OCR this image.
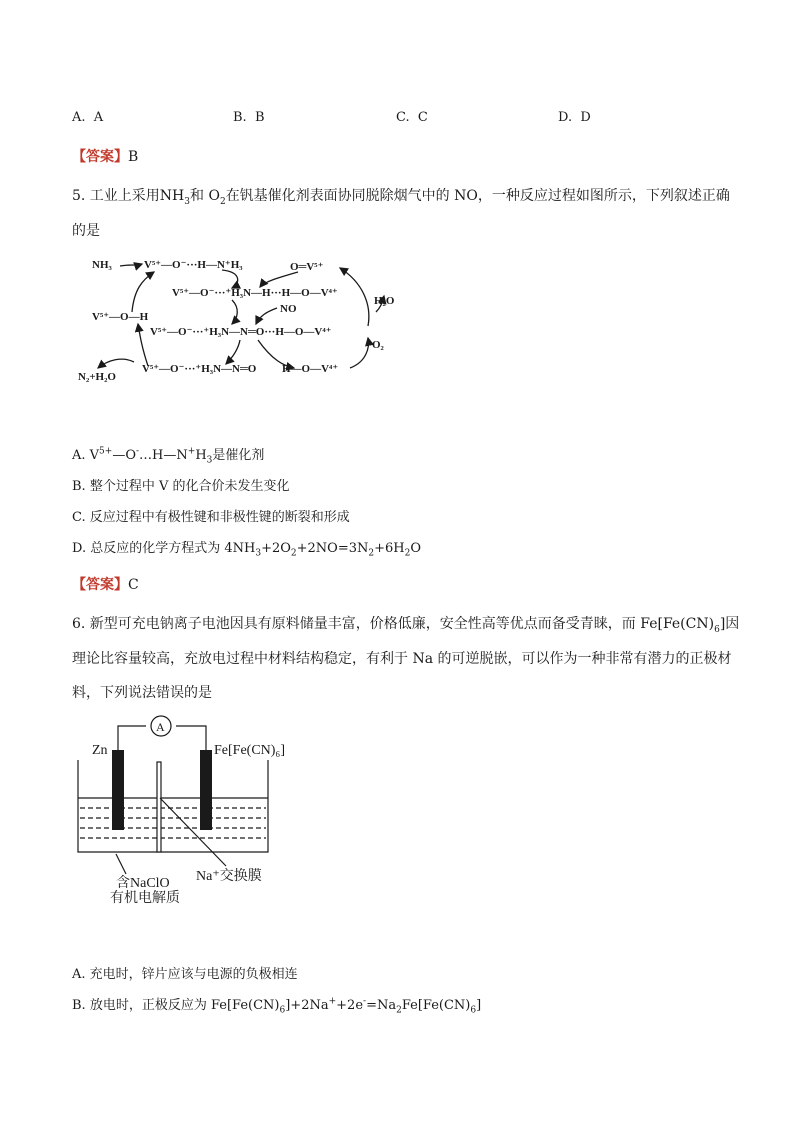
A. A	B. B	C. C	D. D
【答案】B
5. 工业上采用$NH_3$和 $O_2$在钒基催化剂表面协同脱除烟气中的 NO，一种反应过程如图所示，下列叙述正确
的是
NH₃	V⁵⁺—O⁻···H—N⁺H₃	O═V⁵⁺
V⁵⁺—O⁻···⁺H₃N—H···H—O—V⁴⁺
NO
H₂O
V⁵⁺—O—H
V⁵⁺—O⁻···⁺H₃N—N═O···H—O—V⁴⁺
O₂
V⁵⁺—O⁻···⁺H₃N—N═O H—O—V⁴⁺
N₂+H₂O
A. $V^{5+}—O^-\dots H—N^+H_3$是催化剂
B. 整个过程中 V 的化合价未发生变化
C. 反应过程中有极性键和非极性键的断裂和形成
D. 总反应的化学方程式为 $4NH_3+2O_2+2NO=3N_2+6H_2O$
【答案】C
6. 新型可充电钠离子电池因具有原料储量丰富，价格低廉，安全性高等优点而备受青睐，而 $Fe[Fe(CN)_6]$因
理论比容量较高，充放电过程中材料结构稳定，有利于 Na 的可逆脱嵌，可以作为一种非常有潜力的正极材
料，下列说法错误的是
A
Zn	Fe[Fe(CN)₆]
含NaClO
有机电解质
Na⁺交换膜
A. 充电时，锌片应该与电源的负极相连
B. 放电时，正极反应为 $Fe[Fe(CN)_6]+2Na^++2e^-=Na_2Fe[Fe(CN)_6]$
